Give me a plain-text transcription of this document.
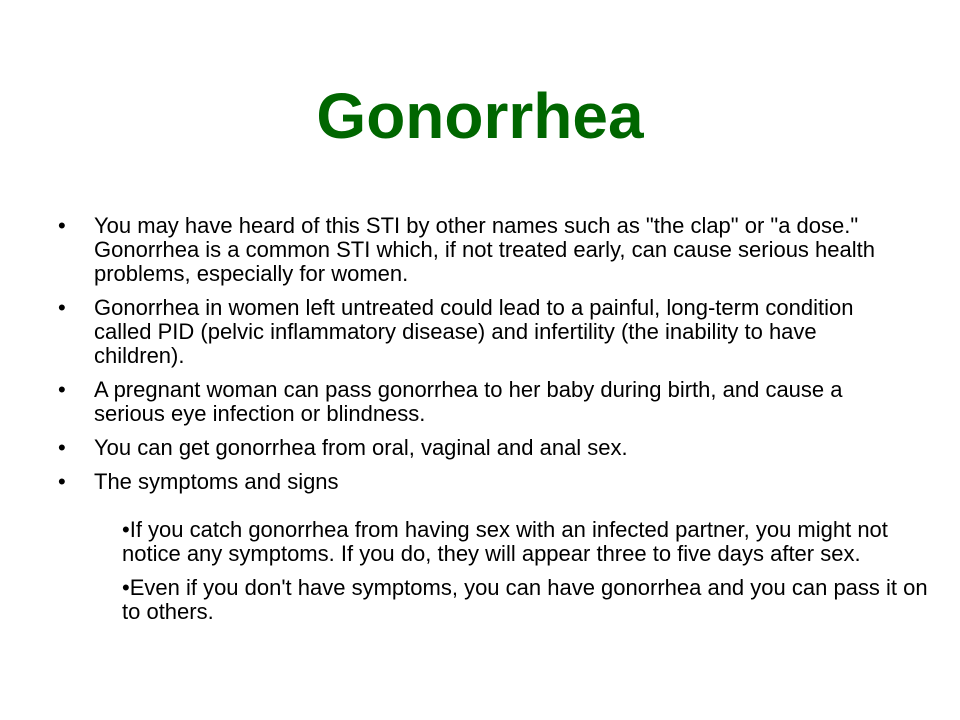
Gonorrhea
• You may have heard of this STI by other names such as "the clap" or "a dose." Gonorrhea is a common STI which, if not treated early, can cause serious health problems, especially for women.
• Gonorrhea in women left untreated could lead to a painful, long-term condition called PID (pelvic inflammatory disease) and infertility (the inability to have children).
• A pregnant woman can pass gonorrhea to her baby during birth, and cause a serious eye infection or blindness.
• You can get gonorrhea from oral, vaginal and anal sex.
• The symptoms and signs
•If you catch gonorrhea from having sex with an infected partner, you might not notice any symptoms. If you do, they will appear three to five days after sex.
•Even if you don't have symptoms, you can have gonorrhea and you can pass it on to others.
